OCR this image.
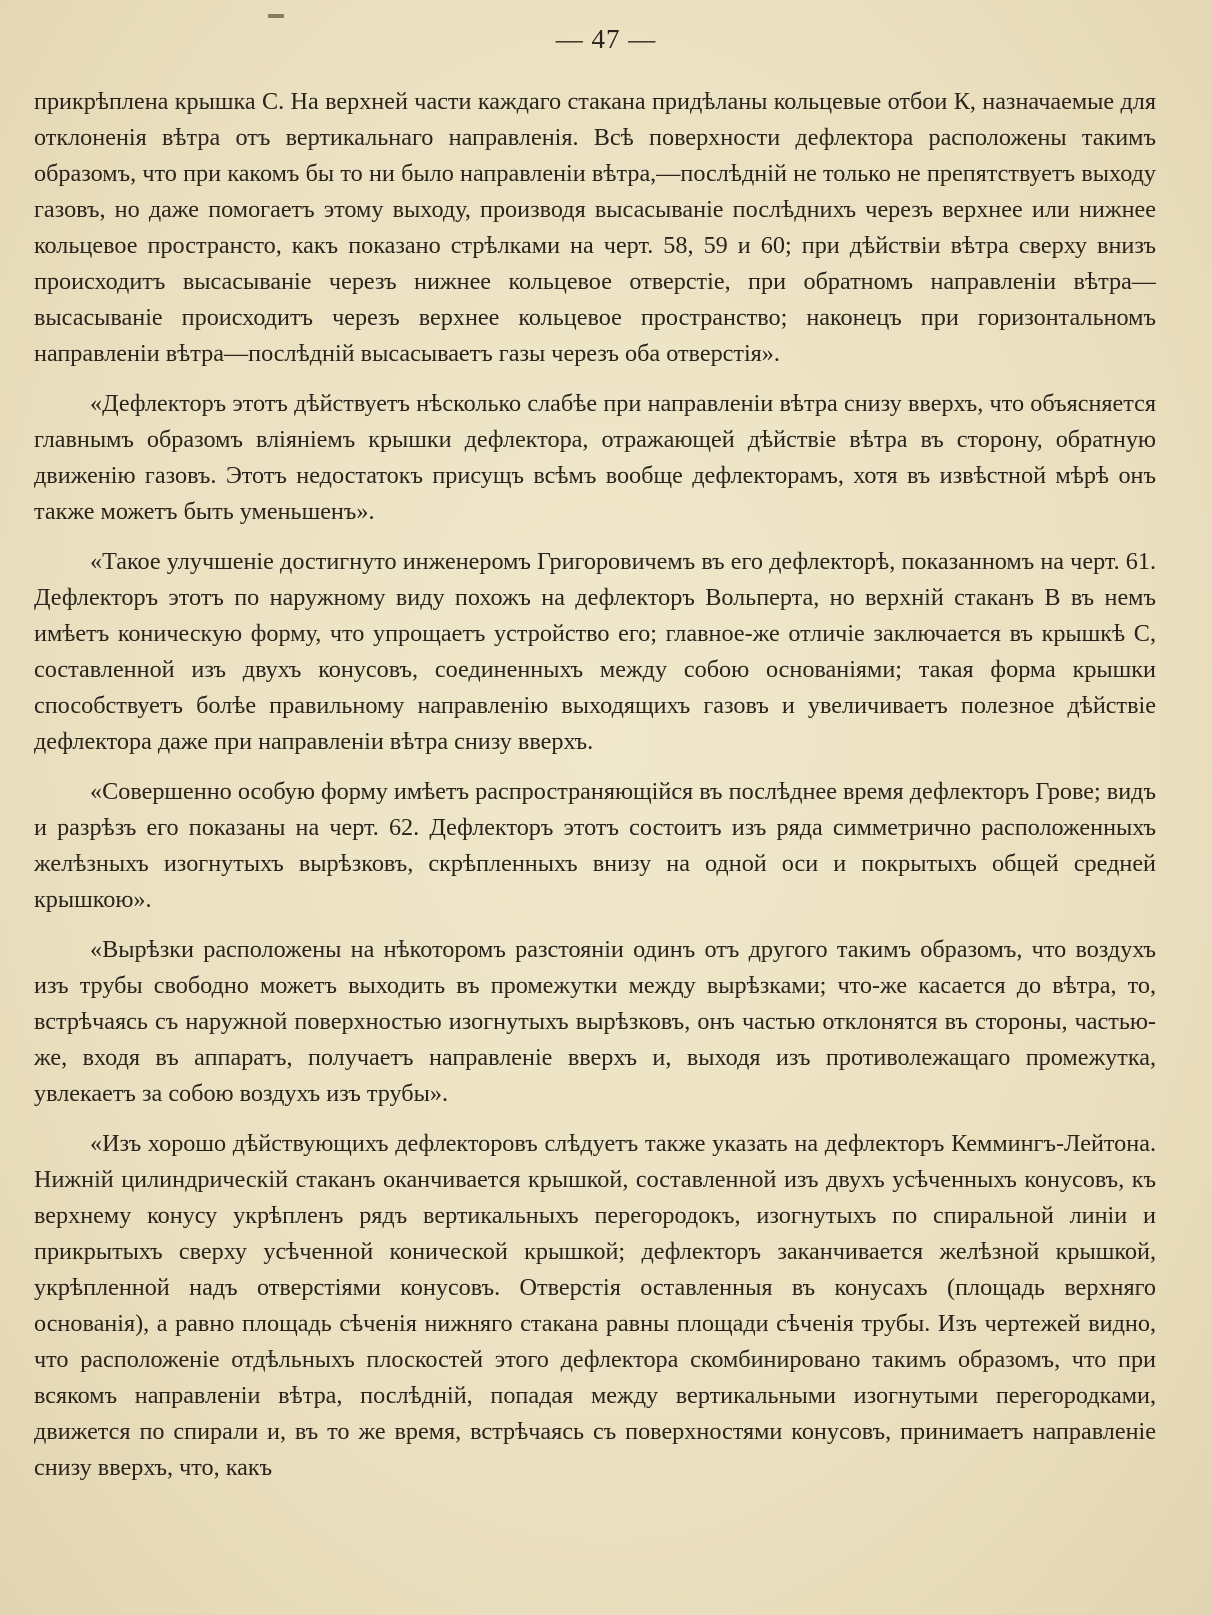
— 47 —

прикрѣплена крышка С. На верхней части каждаго стакана придѣланы кольцевые отбои К, назначаемые для отклоненія вѣтра отъ вертикальнаго направленія. Всѣ поверхности дефлектора расположены такимъ образомъ, что при какомъ бы то ни было направленіи вѣтра,—послѣдній не только не препятствуетъ выходу газовъ, но даже помогаетъ этому выходу, производя высасываніе послѣднихъ черезъ верхнее или нижнее кольцевое пространсто, какъ показано стрѣлками на черт. 58, 59 и 60; при дѣйствіи вѣтра сверху внизъ происходитъ высасываніе черезъ нижнее кольцевое отверстіе, при обратномъ направленіи вѣтра—высасываніе происходитъ черезъ верхнее кольцевое пространство; наконецъ при горизонтальномъ направленіи вѣтра—послѣдній высасываетъ газы черезъ оба отверстія».

«Дефлекторъ этотъ дѣйствуетъ нѣсколько слабѣе при направленіи вѣтра снизу вверхъ, что объясняется главнымъ образомъ вліяніемъ крышки дефлектора, отражающей дѣйствіе вѣтра въ сторону, обратную движенію газовъ. Этотъ недостатокъ присущъ всѣмъ вообще дефлекторамъ, хотя въ извѣстной мѣрѣ онъ также можетъ быть уменьшенъ».

«Такое улучшеніе достигнуто инженеромъ Григоровичемъ въ его дефлекторѣ, показанномъ на черт. 61. Дефлекторъ этотъ по наружному виду похожъ на дефлекторъ Вольперта, но верхній стаканъ В въ немъ имѣетъ коническую форму, что упрощаетъ устройство его; главное-же отличіе заключается въ крышкѣ С, составленной изъ двухъ конусовъ, соединенныхъ между собою основаніями; такая форма крышки способствуетъ болѣе правильному направленію выходящихъ газовъ и увеличиваетъ полезное дѣйствіе дефлектора даже при направленіи вѣтра снизу вверхъ.

«Совершенно особую форму имѣетъ распространяющійся въ послѣднее время дефлекторъ Грове; видъ и разрѣзъ его показаны на черт. 62. Дефлекторъ этотъ состоитъ изъ ряда симметрично расположенныхъ желѣзныхъ изогнутыхъ вырѣзковъ, скрѣпленныхъ внизу на одной оси и покрытыхъ общей средней крышкою».

«Вырѣзки расположены на нѣкоторомъ разстояніи одинъ отъ другого такимъ образомъ, что воздухъ изъ трубы свободно можетъ выходить въ промежутки между вырѣзками; что-же касается до вѣтра, то, встрѣчаясь съ наружной поверхностью изогнутыхъ вырѣзковъ, онъ частью отклонятся въ стороны, частью-же, входя въ аппаратъ, получаетъ направленіе вверхъ и, выходя изъ противолежащаго промежутка, увлекаетъ за собою воздухъ изъ трубы».

«Изъ хорошо дѣйствующихъ дефлекторовъ слѣдуетъ также указать на дефлекторъ Кеммингъ-Лейтона. Нижній цилиндрическій стаканъ оканчивается крышкой, составленной изъ двухъ усѣченныхъ конусовъ, къ верхнему конусу укрѣпленъ рядъ вертикальныхъ перегородокъ, изогнутыхъ по спиральной линіи и прикрытыхъ сверху усѣченной конической крышкой; дефлекторъ заканчивается желѣзной крышкой, укрѣпленной надъ отверстіями конусовъ. Отверстія оставленныя въ конусахъ (площадь верхняго основанія), а равно площадь сѣченія нижняго стакана равны площади сѣченія трубы. Изъ чертежей видно, что расположеніе отдѣльныхъ плоскостей этого дефлектора скомбинировано такимъ образомъ, что при всякомъ направленіи вѣтра, послѣдній, попадая между вертикальными изогнутыми перегородками, движется по спирали и, въ то же время, встрѣчаясь съ поверхностями конусовъ, принимаетъ направленіе снизу вверхъ, что, какъ
